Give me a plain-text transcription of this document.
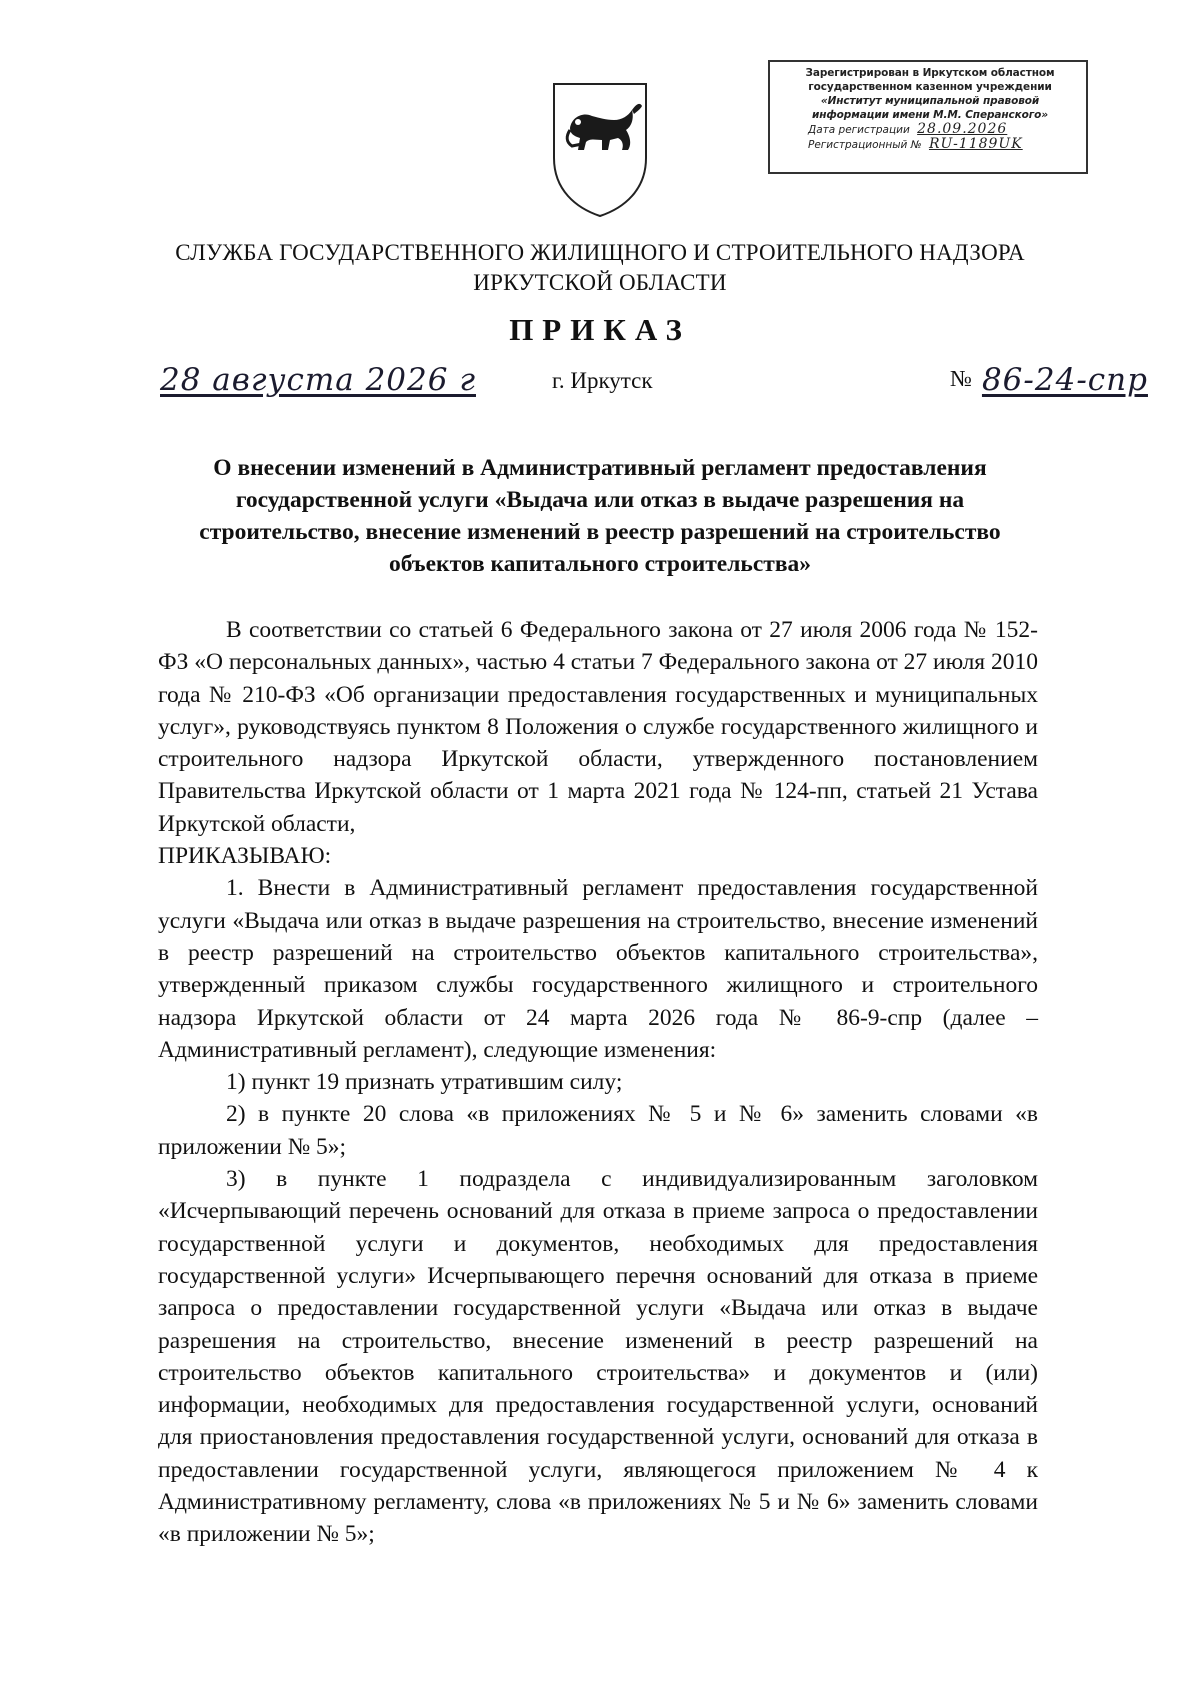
Зарегистрирован в Иркутском областном
государственном казенном учреждении
«Институт муниципальной правовой
информации имени М.М. Сперанского»
Дата регистрации 28.09.2026
Регистрационный № RU-1189UK
СЛУЖБА ГОСУДАРСТВЕННОГО ЖИЛИЩНОГО И СТРОИТЕЛЬНОГО НАДЗОРА
ИРКУТСКОЙ ОБЛАСТИ
ПРИКАЗ
28 августа 2026 г	г. Иркутск	№ 86-24-спр
О внесении изменений в Административный регламент предоставления
государственной услуги «Выдача или отказ в выдаче разрешения на
строительство, внесение изменений в реестр разрешений на строительство
объектов капитального строительства»

В соответствии со статьей 6 Федерального закона от 27 июля 2006 года № 152-ФЗ «О персональных данных», частью 4 статьи 7 Федерального закона от 27 июля 2010 года № 210-ФЗ «Об организации предоставления государственных и муниципальных услуг», руководствуясь пунктом 8 Положения о службе государственного жилищного и строительного надзора Иркутской области, утвержденного постановлением Правительства Иркутской области от 1 марта 2021 года № 124-пп, статьей 21 Устава Иркутской области,

ПРИКАЗЫВАЮ:

1. Внести в Административный регламент предоставления государственной услуги «Выдача или отказ в выдаче разрешения на строительство, внесение изменений в реестр разрешений на строительство объектов капитального строительства», утвержденный приказом службы государственного жилищного и строительного надзора Иркутской области от 24 марта 2026 года № 86-9-спр (далее – Административный регламент), следующие изменения:

1) пункт 19 признать утратившим силу;

2) в пункте 20 слова «в приложениях № 5 и № 6» заменить словами «в приложении № 5»;

3) в пункте 1 подраздела с индивидуализированным заголовком «Исчерпывающий перечень оснований для отказа в приеме запроса о предоставлении государственной услуги и документов, необходимых для предоставления государственной услуги» Исчерпывающего перечня оснований для отказа в приеме запроса о предоставлении государственной услуги «Выдача или отказ в выдаче разрешения на строительство, внесение изменений в реестр разрешений на строительство объектов капитального строительства» и документов и (или) информации, необходимых для предоставления государственной услуги, оснований для приостановления предоставления государственной услуги, оснований для отказа в предоставлении государственной услуги, являющегося приложением № 4 к Административному регламенту, слова «в приложениях № 5 и № 6» заменить словами «в приложении № 5»;
